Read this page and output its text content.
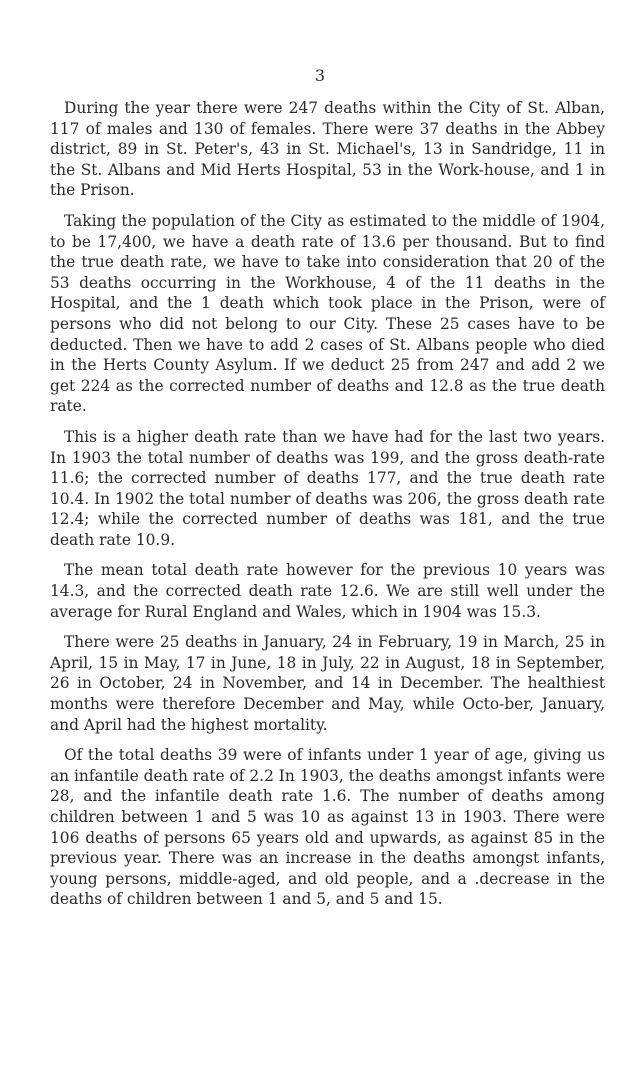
3

During the year there were 247 deaths within the City of St. Alban, 117 of males and 130 of females. There were 37 deaths in the Abbey district, 89 in St. Peter's, 43 in St. Michael's, 13 in Sandridge, 11 in the St. Albans and Mid Herts Hospital, 53 in the Work-house, and 1 in the Prison.

Taking the population of the City as estimated to the middle of 1904, to be 17,400, we have a death rate of 13.6 per thousand. But to find the true death rate, we have to take into consideration that 20 of the 53 deaths occurring in the Workhouse, 4 of the 11 deaths in the Hospital, and the 1 death which took place in the Prison, were of persons who did not belong to our City. These 25 cases have to be deducted. Then we have to add 2 cases of St. Albans people who died in the Herts County Asylum. If we deduct 25 from 247 and add 2 we get 224 as the corrected number of deaths and 12.8 as the true death rate.

This is a higher death rate than we have had for the last two years. In 1903 the total number of deaths was 199, and the gross death-rate 11.6; the corrected number of deaths 177, and the true death rate 10.4. In 1902 the total number of deaths was 206, the gross death rate 12.4; while the corrected number of deaths was 181, and the true death rate 10.9.

The mean total death rate however for the previous 10 years was 14.3, and the corrected death rate 12.6. We are still well under the average for Rural England and Wales, which in 1904 was 15.3.

There were 25 deaths in January, 24 in February, 19 in March, 25 in April, 15 in May, 17 in June, 18 in July, 22 in August, 18 in September, 26 in October, 24 in November, and 14 in December. The healthiest months were therefore December and May, while Octo-ber, January, and April had the highest mortality.

Of the total deaths 39 were of infants under 1 year of age, giving us an infantile death rate of 2.2 In 1903, the deaths amongst infants were 28, and the infantile death rate 1.6. The number of deaths among children between 1 and 5 was 10 as against 13 in 1903. There were 106 deaths of persons 65 years old and upwards, as against 85 in the previous year. There was an increase in the deaths amongst infants, young persons, middle-aged, and old people, and a .decrease in the deaths of children between 1 and 5, and 5 and 15.
